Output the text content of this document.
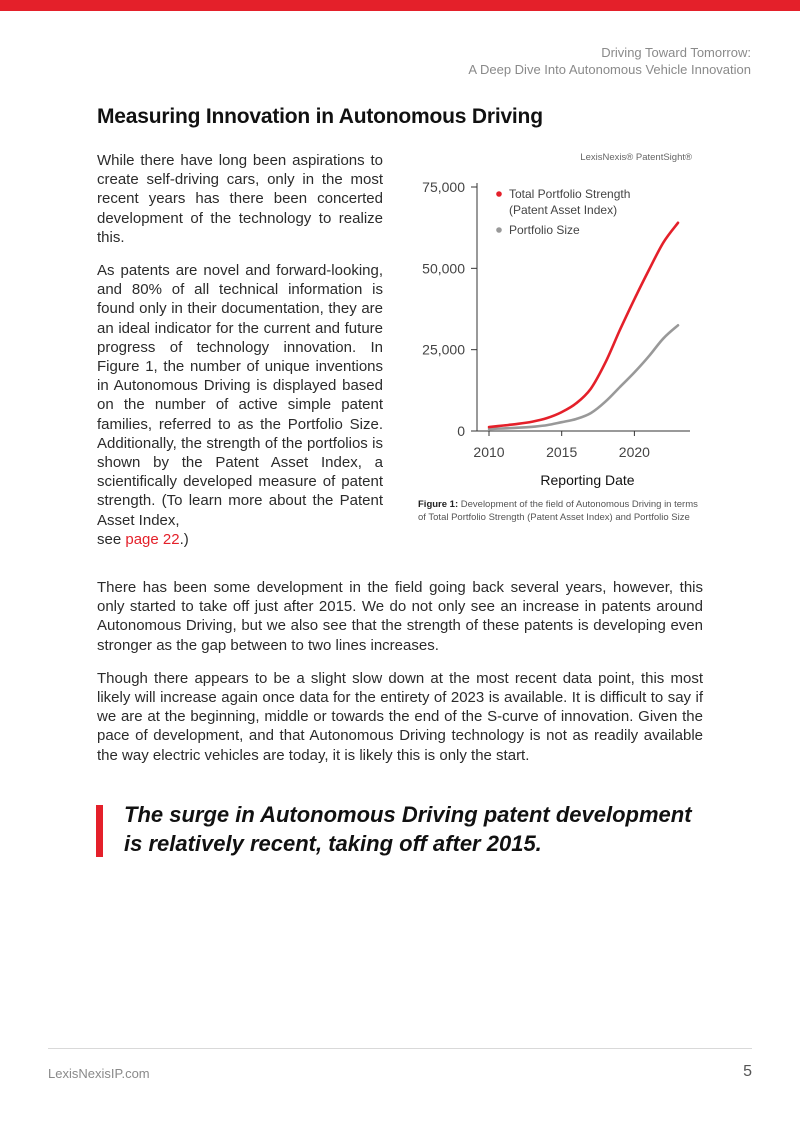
Driving Toward Tomorrow:
A Deep Dive Into Autonomous Vehicle Innovation
Measuring Innovation in Autonomous Driving

While there have long been aspirations to create self-driving cars, only in the most recent years has there been concerted development of the technology to realize this.

As patents are novel and forward-looking, and 80% of all technical information is found only in their documentation, they are an ideal indicator for the current and future progress of technology innovation. In Figure 1, the number of unique inventions in Autonomous Driving is displayed based on the number of active simple patent families, referred to as the Portfolio Size. Additionally, the strength of the portfolios is shown by the Patent Asset Index, a scientifically developed measure of patent strength. (To learn more about the Patent Asset Index,
see page 22.)

LexisNexis® PatentSight®
0
25,000
50,000
75,000
2010	2015	2020
Reporting Date
Total Portfolio Strength
(Patent Asset Index)
Portfolio Size
Figure 1: Development of the field of Autonomous Driving in terms of Total Portfolio Strength (Patent Asset Index) and Portfolio Size

There has been some development in the field going back several years, however, this only started to take off just after 2015. We do not only see an increase in patents around Autonomous Driving, but we also see that the strength of these patents is developing even stronger as the gap between to two lines increases.

Though there appears to be a slight slow down at the most recent data point, this most likely will increase again once data for the entirety of 2023 is available. It is difficult to say if we are at the beginning, middle or towards the end of the S-curve of innovation. Given the pace of development, and that Autonomous Driving technology is not as readily available the way electric vehicles are today, it is likely this is only the start.

The surge in Autonomous Driving patent development
is relatively recent, taking off after 2015.
LexisNexisIP.com	5
